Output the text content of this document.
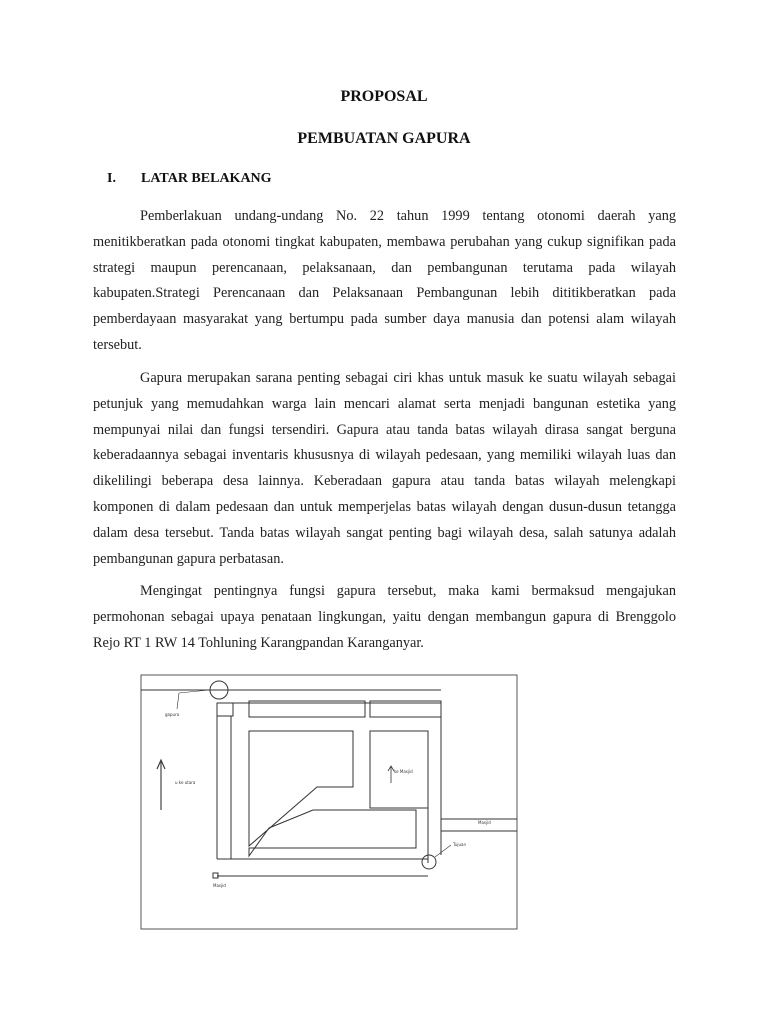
PROPOSAL
PEMBUATAN GAPURA
I. LATAR BELAKANG

Pemberlakuan undang-undang No. 22 tahun 1999 tentang otonomi daerah yang menitikberatkan pada otonomi tingkat kabupaten, membawa perubahan yang cukup signifikan pada strategi maupun perencanaan, pelaksanaan, dan pembangunan terutama pada wilayah kabupaten.Strategi Perencanaan dan Pelaksanaan Pembangunan lebih dititikberatkan pada pemberdayaan masyarakat yang bertumpu pada sumber daya manusia dan potensi alam wilayah tersebut.

Gapura merupakan sarana penting sebagai ciri khas untuk masuk ke suatu wilayah sebagai petunjuk yang memudahkan warga lain mencari alamat serta menjadi bangunan estetika yang mempunyai nilai dan fungsi tersendiri. Gapura atau tanda batas wilayah dirasa sangat berguna keberadaannya sebagai inventaris khususnya di wilayah pedesaan, yang memiliki wilayah luas dan dikelilingi beberapa desa lainnya. Keberadaan gapura atau tanda batas wilayah melengkapi komponen di dalam pedesaan dan untuk memperjelas batas wilayah dengan dusun-dusun tetangga dalam desa tersebut. Tanda batas wilayah sangat penting bagi wilayah desa, salah satunya adalah pembangunan gapura perbatasan.

Mengingat pentingnya fungsi gapura tersebut, maka kami bermaksud mengajukan permohonan sebagai upaya penataan lingkungan, yaitu dengan membangun gapura di Brenggolo Rejo RT 1 RW 14 Tohluning Karangpandan Karanganyar.

gapura
u ke utara
ke Masjid
Masjid
Tujuan
Masjid
